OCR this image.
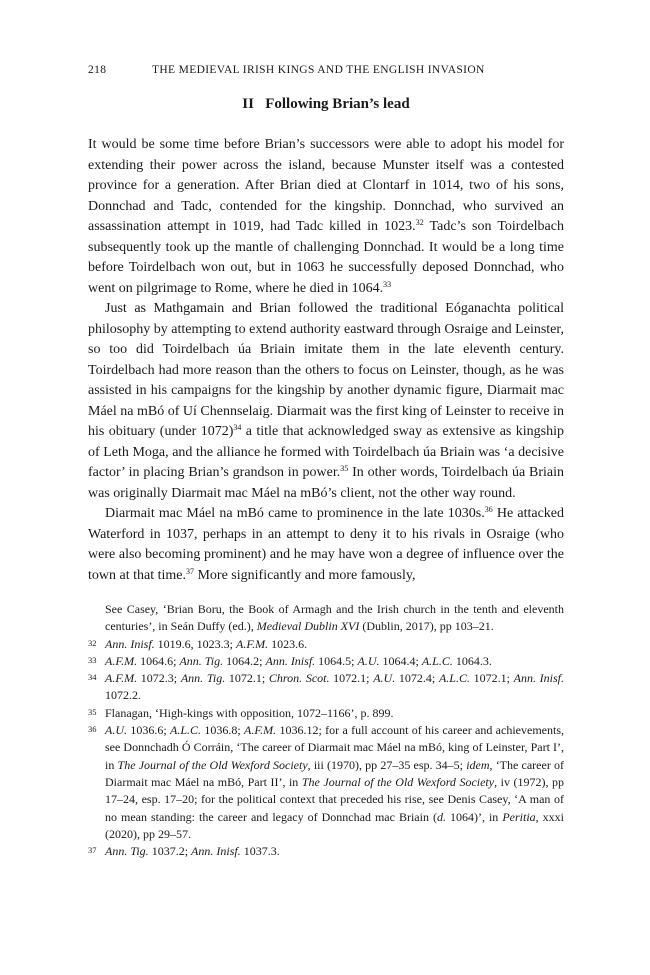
218	THE MEDIEVAL IRISH KINGS AND THE ENGLISH INVASION
II   Following Brian’s lead

It would be some time before Brian’s successors were able to adopt his model for extending their power across the island, because Munster itself was a contested province for a generation. After Brian died at Clontarf in 1014, two of his sons, Donnchad and Tadc, contended for the kingship. Donnchad, who survived an assassination attempt in 1019, had Tadc killed in 1023.32 Tadc’s son Toirdelbach subsequently took up the mantle of challenging Donnchad. It would be a long time before Toirdelbach won out, but in 1063 he successfully deposed Donnchad, who went on pilgrimage to Rome, where he died in 1064.33

Just as Mathgamain and Brian followed the traditional Eóganachta political philosophy by attempting to extend authority eastward through Osraige and Leinster, so too did Toirdelbach úa Briain imitate them in the late eleventh century. Toirdelbach had more reason than the others to focus on Leinster, though, as he was assisted in his campaigns for the kingship by another dynamic figure, Diarmait mac Máel na mBó of Uí Chennselaig. Diarmait was the first king of Leinster to receive in his obituary (under 1072)$^{34}$ a title that acknowledged sway as extensive as kingship of Leth Moga, and the alliance he formed with Toirdelbach úa Briain was ‘a decisive factor’ in placing Brian’s grandson in power.$^{35}$ In other words, Toirdelbach úa Briain was originally Diarmait mac Máel na mBó’s client, not the other way round.

Diarmait mac Máel na mBó came to prominence in the late 1030s.$^{36}$ He attacked Waterford in 1037, perhaps in an attempt to deny it to his rivals in Osraige (who were also becoming prominent) and he may have won a degree of influence over the town at that time.$^{37}$ More significantly and more famously,

See Casey, ‘Brian Boru, the Book of Armagh and the Irish church in the tenth and eleventh centuries’, in Seán Duffy (ed.), Medieval Dublin XVI (Dublin, 2017), pp 103–21.
32 Ann. Inisf. 1019.6, 1023.3; A.F.M. 1023.6.
33 A.F.M. 1064.6; Ann. Tig. 1064.2; Ann. Inisf. 1064.5; A.U. 1064.4; A.L.C. 1064.3.
34 A.F.M. 1072.3; Ann. Tig. 1072.1; Chron. Scot. 1072.1; A.U. 1072.4; A.L.C. 1072.1; Ann. Inisf. 1072.2.
35 Flanagan, ‘High-kings with opposition, 1072–1166’, p. 899.
36 A.U. 1036.6; A.L.C. 1036.8; A.F.M. 1036.12; for a full account of his career and achievements, see Donnchadh Ó Corráin, ‘The career of Diarmait mac Máel na mBó, king of Leinster, Part I’, in The Journal of the Old Wexford Society, iii (1970), pp 27–35 esp. 34–5; idem, ‘The career of Diarmait mac Máel na mBó, Part II’, in The Journal of the Old Wexford Society, iv (1972), pp 17–24, esp. 17–20; for the political context that preceded his rise, see Denis Casey, ‘A man of no mean standing: the career and legacy of Donnchad mac Briain (d. 1064)’, in Peritia, xxxi (2020), pp 29–57.
37 Ann. Tig. 1037.2; Ann. Inisf. 1037.3.
